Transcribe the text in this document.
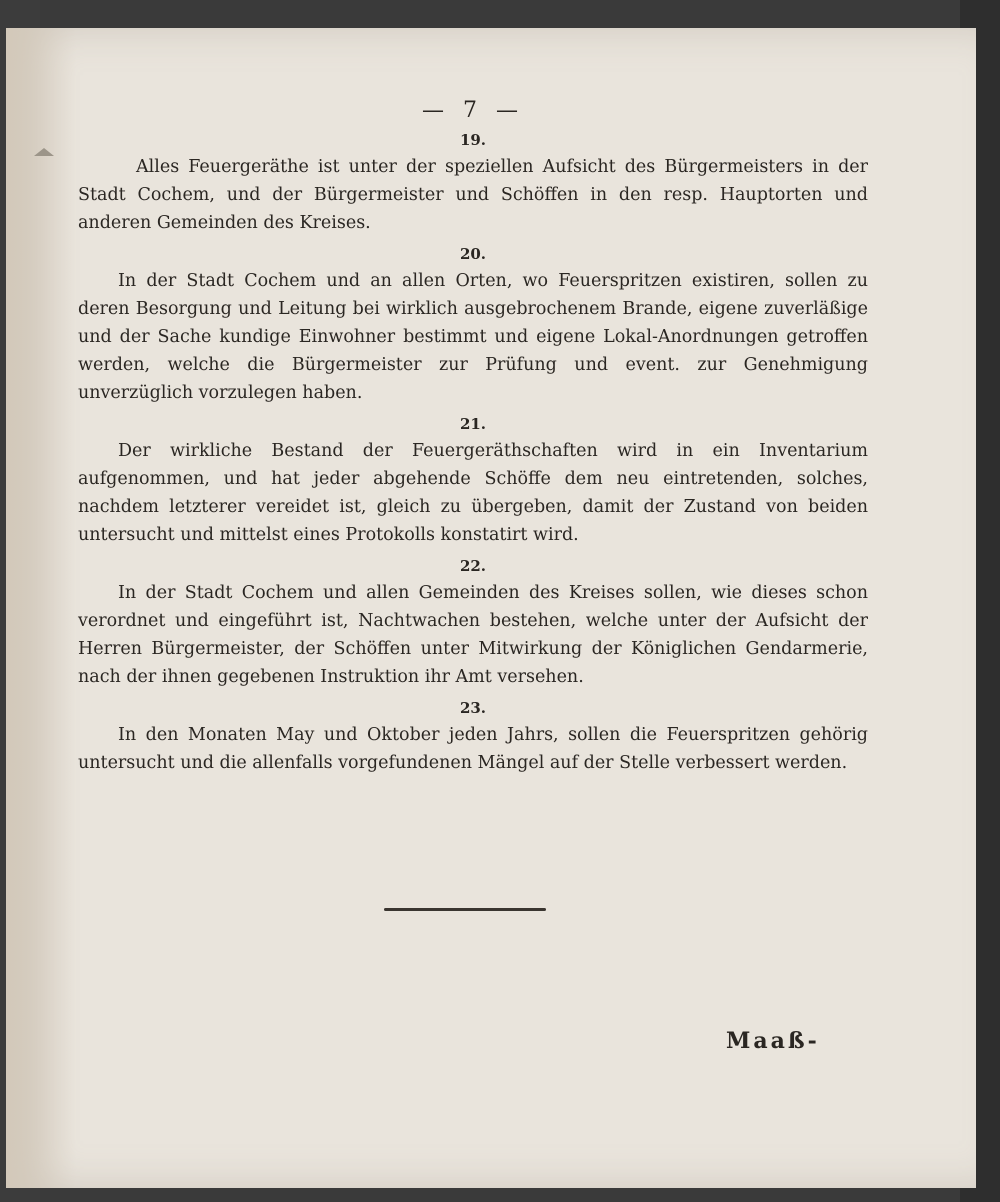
— 7 —

19.

Alles Feuergeräthe ist unter der speziellen Aufsicht des Bürgermeisters in der Stadt Cochem, und der Bürgermeister und Schöffen in den resp. Hauptorten und anderen Gemeinden des Kreises.

20.

In der Stadt Cochem und an allen Orten, wo Feuerspritzen existiren, sollen zu deren Besorgung und Leitung bei wirklich ausgebrochenem Brande, eigene zuverläßige und der Sache kundige Einwohner bestimmt und eigene Lokal-Anordnungen getroffen werden, welche die Bürgermeister zur Prüfung und event. zur Genehmigung unverzüglich vorzulegen haben.

21.

Der wirkliche Bestand der Feuergeräthschaften wird in ein Inventarium aufgenommen, und hat jeder abgehende Schöffe dem neu eintretenden, solches, nachdem letzterer vereidet ist, gleich zu übergeben, damit der Zustand von beiden untersucht und mittelst eines Protokolls konstatirt wird.

22.

In der Stadt Cochem und allen Gemeinden des Kreises sollen, wie dieses schon verordnet und eingeführt ist, Nachtwachen bestehen, welche unter der Aufsicht der Herren Bürgermeister, der Schöffen unter Mitwirkung der Königlichen Gendarmerie, nach der ihnen gegebenen Instruktion ihr Amt versehen.

23.

In den Monaten May und Oktober jeden Jahrs, sollen die Feuerspritzen gehörig untersucht und die allenfalls vorgefundenen Mängel auf der Stelle verbessert werden.

Maaß-
